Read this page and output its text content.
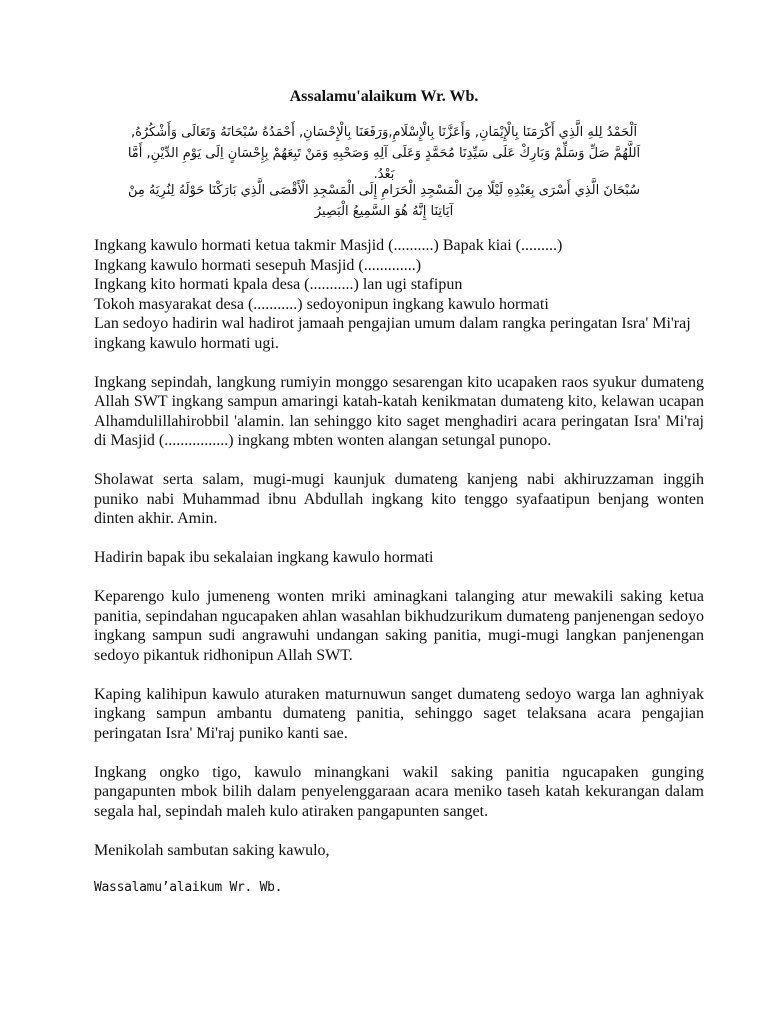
Assalamu'alaikum Wr. Wb.
اَلْحَمْدُ لِلهِ الَّذِي أَكْرَمَنَا بِالْإِيْمَانِ, وَأَعَزَّنَا بِالْإِسْلَامِ,وَرَفَعَنَا بِالْإِحْسَانِ, أَحْمَدُهُ سُبْحَانَهُ وَتَعَالَى وَأَشْكُرُهُ, اَللَّهُمَّ صَلِّ وَسَلِّمْ وَبَارِكْ عَلَى سَيِّدِنَا مُحَمَّدٍ وَعَلَى آلِهِ وَصَحْبِهِ وَمَنْ تَبِعَهُمْ بِإِحْسَانٍ اِلَى يَوْمِ الدِّيْنِ, أَمَّا بَعْدُ.
سُبْحَانَ الَّذِي أَسْرَى بِعَبْدِهِ لَيْلًا مِنَ الْمَسْجِدِ الْحَرَامِ إِلَى الْمَسْجِدِ الْأَقْصَى الَّذِي بَارَكْنَا حَوْلَهُ لِنُرِيَهُ مِنْ آيَاتِنَا إِنَّهُ هُوَ السَّمِيعُ الْبَصِيرُ

Ingkang kawulo hormati ketua takmir Masjid (..........) Bapak kiai (.........)

Ingkang kawulo hormati sesepuh Masjid (.............)

Ingkang kito hormati kpala desa (...........) lan ugi stafipun

Tokoh masyarakat desa (...........) sedoyonipun ingkang kawulo hormati

Lan sedoyo hadirin wal hadirot jamaah pengajian umum dalam rangka peringatan Isra' Mi'raj ingkang kawulo hormati ugi.

Ingkang sepindah, langkung rumiyin monggo sesarengan kito ucapaken raos syukur dumateng Allah SWT ingkang sampun amaringi katah-katah kenikmatan dumateng kito, kelawan ucapan Alhamdulillahirobbil 'alamin. lan sehinggo kito saget menghadiri acara peringatan Isra' Mi'raj di Masjid (................) ingkang mbten wonten alangan setungal punopo.

Sholawat serta salam, mugi-mugi kaunjuk dumateng kanjeng nabi akhiruzzaman inggih puniko nabi Muhammad ibnu Abdullah ingkang kito tenggo syafaatipun benjang wonten dinten akhir. Amin.

Hadirin bapak ibu sekalaian ingkang kawulo hormati

Keparengo kulo jumeneng wonten mriki aminagkani talanging atur mewakili saking ketua panitia, sepindahan ngucapaken ahlan wasahlan bikhudzurikum dumateng panjenengan sedoyo ingkang sampun sudi angrawuhi undangan saking panitia, mugi-mugi langkan panjenengan sedoyo pikantuk ridhonipun Allah SWT.

Kaping kalihipun kawulo aturaken maturnuwun sanget dumateng sedoyo warga lan aghniyak ingkang sampun ambantu dumateng panitia, sehinggo saget telaksana acara pengajian peringatan Isra' Mi'raj puniko kanti sae.

Ingkang ongko tigo, kawulo minangkani wakil saking panitia ngucapaken gunging pangapunten mbok bilih dalam penyelenggaraan acara meniko taseh katah kekurangan dalam segala hal, sepindah maleh kulo atiraken pangapunten sanget.

Menikolah sambutan saking kawulo,

Wassalamu’alaikum Wr. Wb.
